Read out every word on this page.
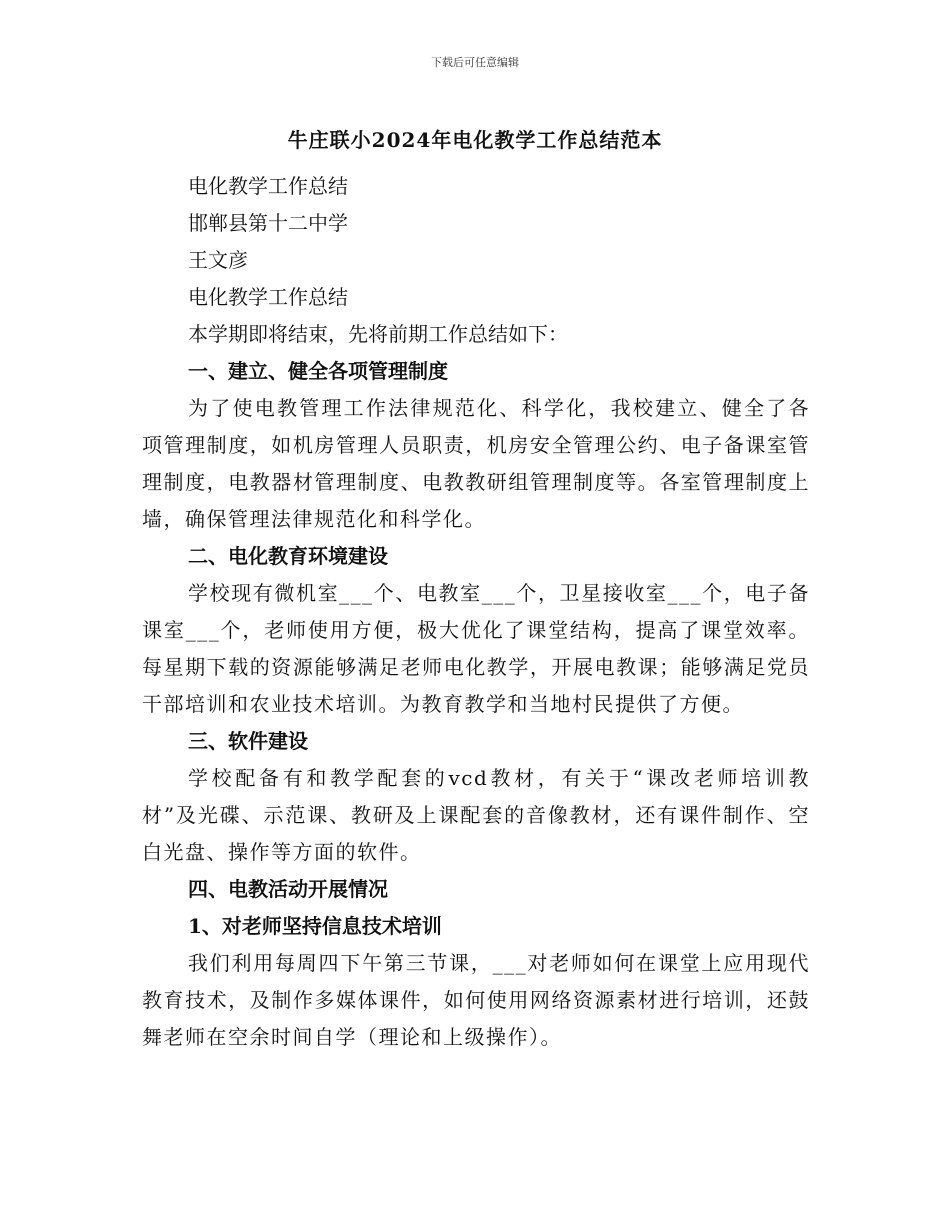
下载后可任意编辑
牛庄联小2024年电化教学工作总结范本

电化教学工作总结

邯郸县第十二中学

王文彦

电化教学工作总结

本学期即将结束，先将前期工作总结如下：

一、建立、健全各项管理制度

为了使电教管理工作法律规范化、科学化，我校建立、健全了各项管理制度，如机房管理人员职责，机房安全管理公约、电子备课室管理制度，电教器材管理制度、电教教研组管理制度等。各室管理制度上墙，确保管理法律规范化和科学化。

二、电化教育环境建设

学校现有微机室___个、电教室___个，卫星接收室___个，电子备课室___个，老师使用方便，极大优化了课堂结构，提高了课堂效率。每星期下载的资源能够满足老师电化教学，开展电教课；能够满足党员干部培训和农业技术培训。为教育教学和当地村民提供了方便。

三、软件建设

学校配备有和教学配套的vcd教材，有关于“课改老师培训教材”及光碟、示范课、教研及上课配套的音像教材，还有课件制作、空白光盘、操作等方面的软件。

四、电教活动开展情况

1、对老师坚持信息技术培训

我们利用每周四下午第三节课，___对老师如何在课堂上应用现代教育技术，及制作多媒体课件，如何使用网络资源素材进行培训，还鼓舞老师在空余时间自学（理论和上级操作）。
